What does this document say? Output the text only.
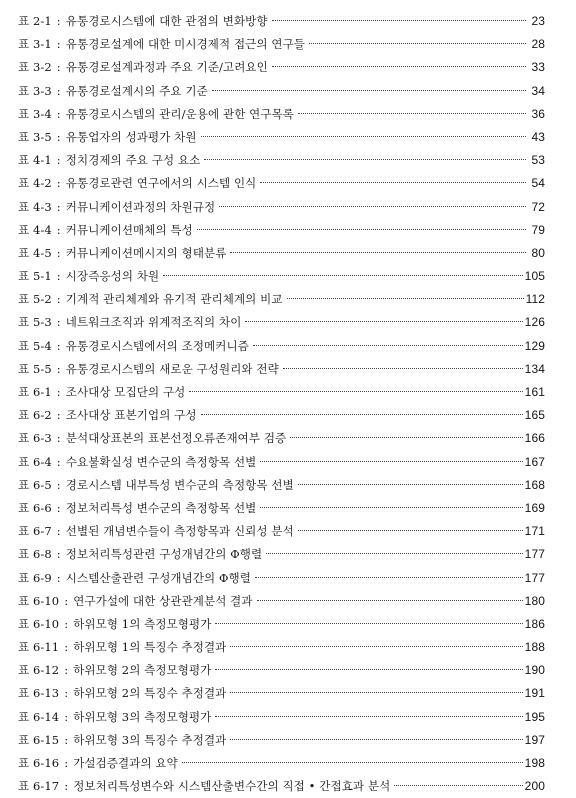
표 2-1 : 유통경로시스템에 대한 관점의 변화방향	23
표 3-1 : 유통경로설계에 대한 미시경제적 접근의 연구들	28
표 3-2 : 유통경로설계과정과 주요 기준/고려요인	33
표 3-3 : 유통경로설계시의 주요 기준	34
표 3-4 : 유통경로시스템의 관리/운용에 관한 연구목록	36
표 3-5 : 유통업자의 성과평가 차원	43
표 4-1 : 정치경제의 주요 구성 요소	53
표 4-2 : 유통경로관련 연구에서의 시스템 인식	54
표 4-3 : 커뮤니케이션과정의 차원규정	72
표 4-4 : 커뮤니케이션매체의 특성	79
표 4-5 : 커뮤니케이션메시지의 형태분류	80
표 5-1 : 시장즉응성의 차원	105
표 5-2 : 기계적 관리체계와 유기적 관리체계의 비교	112
표 5-3 : 네트워크조직과 위계적조직의 차이	126
표 5-4 : 유통경로시스템에서의 조정메커니즘	129
표 5-5 : 유통경로시스템의 새로운 구성원리와 전략	134
표 6-1 : 조사대상 모집단의 구성	161
표 6-2 : 조사대상 표본기업의 구성	165
표 6-3 : 분석대상표본의 표본선정오류존재여부 검증	166
표 6-4 : 수요불확실성 변수군의 측정항목 선별	167
표 6-5 : 경로시스템 내부특성 변수군의 측정항목 선별	168
표 6-6 : 정보처리특성 변수군의 측정항목 선별	169
표 6-7 : 선별된 개념변수들이 측정항목과 신뢰성 분석	171
표 6-8 : 정보처리특성관련 구성개념간의 Φ행렬	177
표 6-9 : 시스템산출관련 구성개념간의 Φ행렬	177
표 6-10 : 연구가설에 대한 상관관계분석 결과	180
표 6-10 : 하위모형 1의 측정모형평가	186
표 6-11 : 하위모형 1의 특징수 추정결과	188
표 6-12 : 하위모형 2의 측정모형평가	190
표 6-13 : 하위모형 2의 특징수 추정결과	191
표 6-14 : 하위모형 3의 측정모형평가	195
표 6-15 : 하위모형 3의 특징수 추정결과	197
표 6-16 : 가설검증결과의 요약	198
표 6-17 : 정보처리특성변수와 시스템산출변수간의 직접 • 간접효과 분석	200
